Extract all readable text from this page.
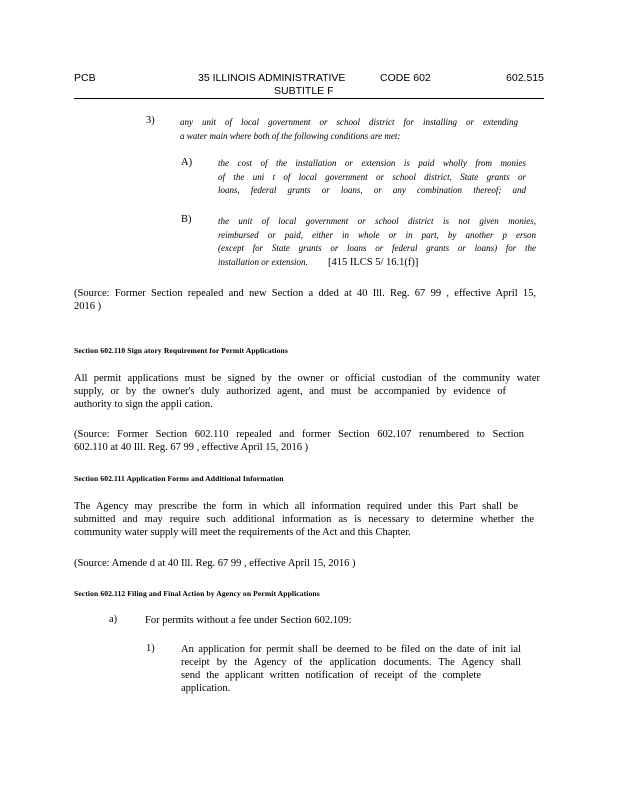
PCB	35 ILLINOIS ADMINISTRATIVE	CODE 602	602.515
SUBTITLE F
3)	any unit of local government or school district for installing or extending
a water main where both of the following conditions are met:
A)	the cost of the installation or extension is paid wholly from monies
of the uni t of local government or school district, State grants or
loans, federal grants or loans, or any combination thereof; and
B)	the unit of local government or school district is not given monies,
reimbursed or paid, either in whole or in part, by another p erson
(except for State grants or loans or federal grants or loans) for the
installation or extension. [415 ILCS 5/ 16.1(f)]
(Source: Former Section repealed and new Section a dded at 40 Ill. Reg. 67 99 , effective April 15,
2016 )
Section 602.110 Sign atory Requirement for Permit Applications
All permit applications must be signed by the owner or official custodian of the community water
supply, or by the owner's duly authorized agent, and must be accompanied by evidence of
authority to sign the appli cation.
(Source: Former Section 602.110 repealed and former Section 602.107 renumbered to Section
602.110 at 40 Ill. Reg. 67 99 , effective April 15, 2016 )
Section 602.111 Application Forms and Additional Information
The Agency may prescribe the form in which all information required under this Part shall be
submitted and may require such additional information as is necessary to determine whether the
community water supply will meet the requirements of the Act and this Chapter.
(Source: Amende d at 40 Ill. Reg. 67 99 , effective April 15, 2016 )
Section 602.112 Filing and Final Action by Agency on Permit Applications
a)	For permits without a fee under Section 602.109:
1)	An application for permit shall be deemed to be filed on the date of init ial
receipt by the Agency of the application documents. The Agency shall
send the applicant written notification of receipt of the complete
application.
